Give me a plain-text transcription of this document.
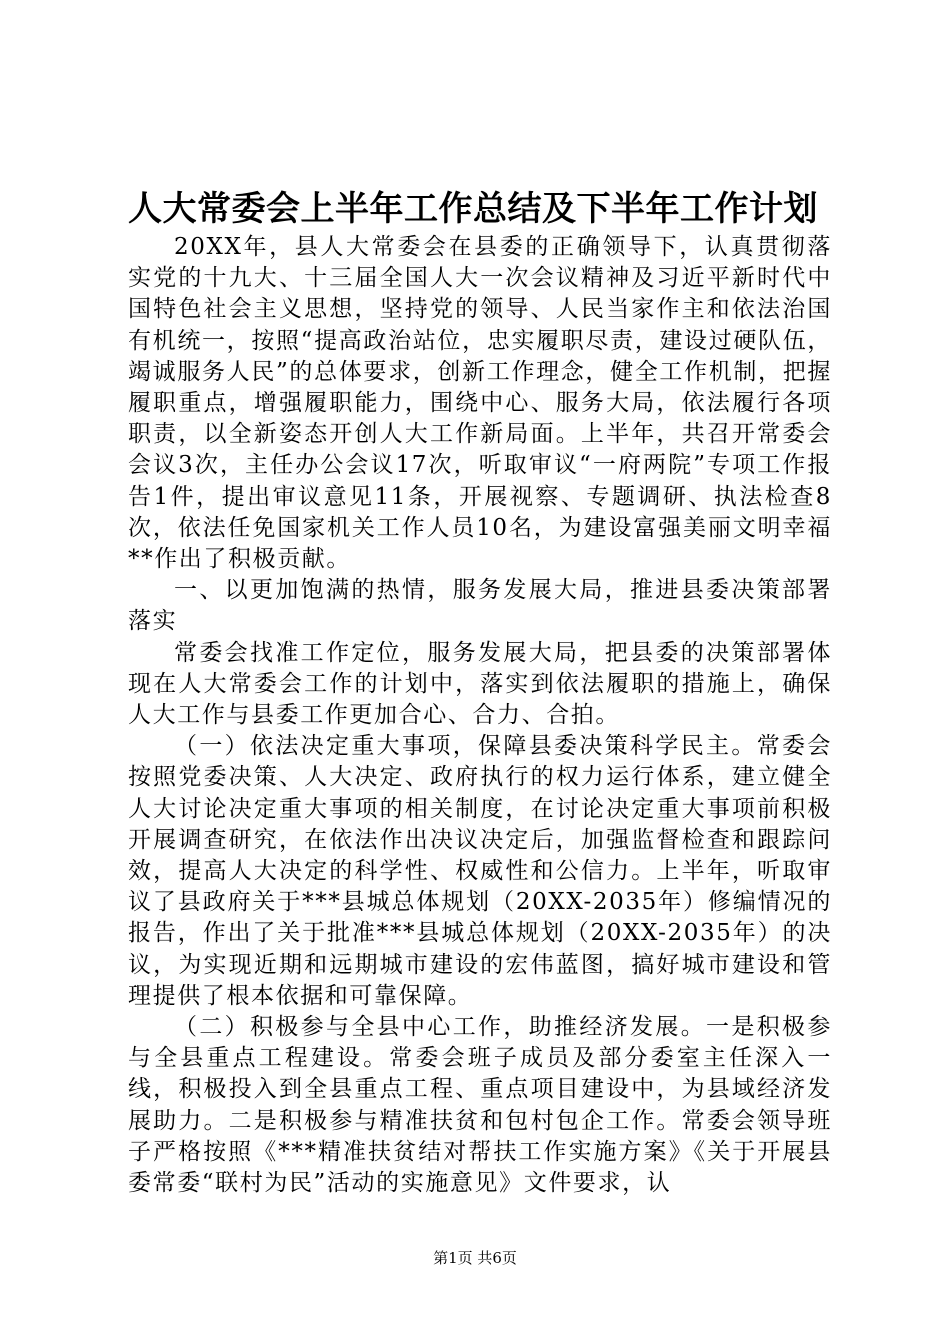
人大常委会上半年工作总结及下半年工作计划

20XX年，县人大常委会在县委的正确领导下，认真贯彻落实党的十九大、十三届全国人大一次会议精神及习近平新时代中国特色社会主义思想，坚持党的领导、人民当家作主和依法治国有机统一，按照“提高政治站位，忠实履职尽责，建设过硬队伍，竭诚服务人民”的总体要求，创新工作理念，健全工作机制，把握履职重点，增强履职能力，围绕中心、服务大局，依法履行各项职责，以全新姿态开创人大工作新局面。上半年，共召开常委会会议3次，主任办公会议17次，听取审议“一府两院”专项工作报告1件，提出审议意见11条，开展视察、专题调研、执法检查8次，依法任免国家机关工作人员10名，为建设富强美丽文明幸福**作出了积极贡献。

一、以更加饱满的热情，服务发展大局，推进县委决策部署落实

常委会找准工作定位，服务发展大局，把县委的决策部署体现在人大常委会工作的计划中，落实到依法履职的措施上，确保人大工作与县委工作更加合心、合力、合拍。

（一）依法决定重大事项，保障县委决策科学民主。常委会按照党委决策、人大决定、政府执行的权力运行体系，建立健全人大讨论决定重大事项的相关制度，在讨论决定重大事项前积极开展调查研究，在依法作出决议决定后，加强监督检查和跟踪问效，提高人大决定的科学性、权威性和公信力。上半年，听取审议了县政府关于***县城总体规划（20XX-2035年）修编情况的报告，作出了关于批准***县城总体规划（20XX-2035年）的决议，为实现近期和远期城市建设的宏伟蓝图，搞好城市建设和管理提供了根本依据和可靠保障。

（二）积极参与全县中心工作，助推经济发展。一是积极参与全县重点工程建设。常委会班子成员及部分委室主任深入一线，积极投入到全县重点工程、重点项目建设中，为县域经济发展助力。二是积极参与精准扶贫和包村包企工作。常委会领导班子严格按照《***精准扶贫结对帮扶工作实施方案》《关于开展县委常委“联村为民”活动的实施意见》文件要求，认

第1页 共6页
